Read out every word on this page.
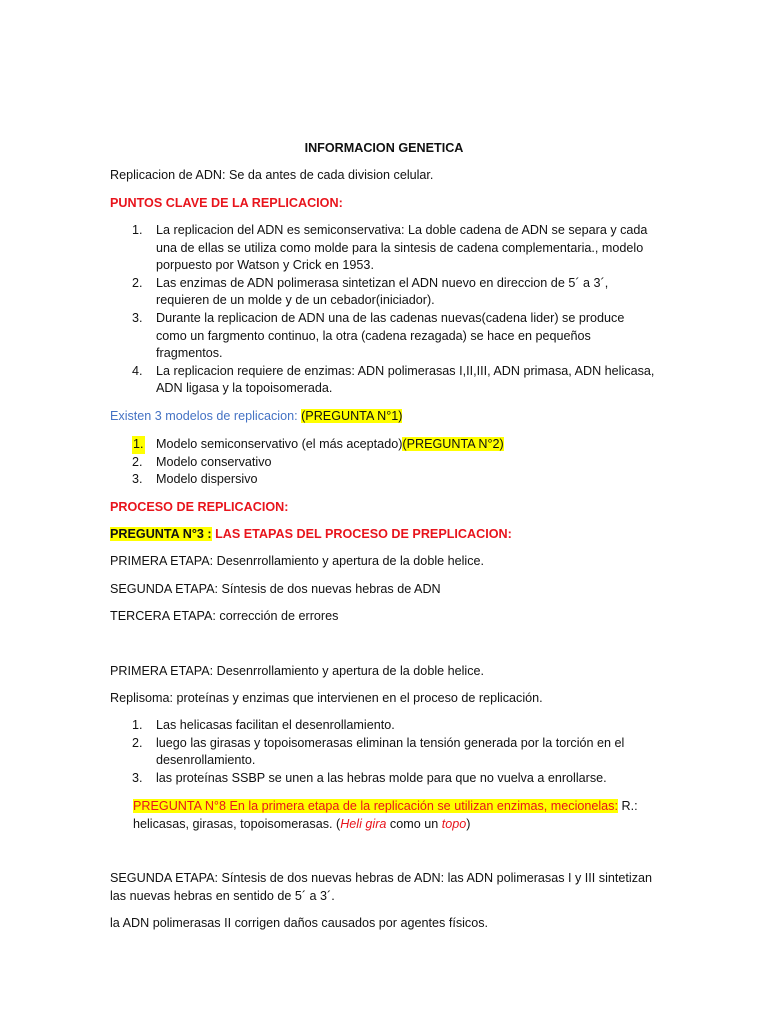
INFORMACION GENETICA

Replicacion de ADN: Se da antes de cada division celular.

PUNTOS CLAVE DE LA REPLICACION:

1. La replicacion del ADN es semiconservativa: La doble cadena de ADN se separa y cada una de ellas se utiliza como molde para la sintesis de cadena complementaria., modelo porpuesto por Watson y Crick en 1953.
2. Las enzimas de ADN polimerasa sintetizan el ADN nuevo en direccion de 5´ a 3´, requieren de un molde y de un cebador(iniciador).
3. Durante la replicacion de ADN una de las cadenas nuevas(cadena lider) se produce como un fargmento continuo, la otra (cadena rezagada) se hace en pequeños fragmentos.
4. La replicacion requiere de enzimas: ADN polimerasas I,II,III, ADN primasa, ADN helicasa, ADN ligasa y la topoisomerada.

Existen 3 modelos de replicacion: (PREGUNTA N°1)

1. Modelo semiconservativo (el más aceptado)(PREGUNTA N°2)
2. Modelo conservativo
3. Modelo dispersivo

PROCESO DE REPLICACION:

PREGUNTA N°3 : LAS ETAPAS DEL PROCESO DE PREPLICACION:

PRIMERA ETAPA: Desenrrollamiento y apertura de la doble helice.

SEGUNDA ETAPA: Síntesis de dos nuevas hebras de ADN

TERCERA ETAPA: corrección de errores

PRIMERA ETAPA: Desenrrollamiento y apertura de la doble helice.

Replisoma: proteínas y enzimas que intervienen en el proceso de replicación.

1. Las helicasas facilitan el desenrollamiento.
2. luego las girasas y topoisomerasas eliminan la tensión generada por la torción en el desenrollamiento.
3. las proteínas SSBP se unen a las hebras molde para que no vuelva a enrollarse.

PREGUNTA N°8 En la primera etapa de la replicación se utilizan enzimas, mecionelas: R.: helicasas, girasas, topoisomerasas. (Heli gira como un topo)

SEGUNDA ETAPA: Síntesis de dos nuevas hebras de ADN: las ADN polimerasas I y III sintetizan las nuevas hebras en sentido de 5´ a 3´.

la ADN polimerasas II corrigen daños causados por agentes físicos.
